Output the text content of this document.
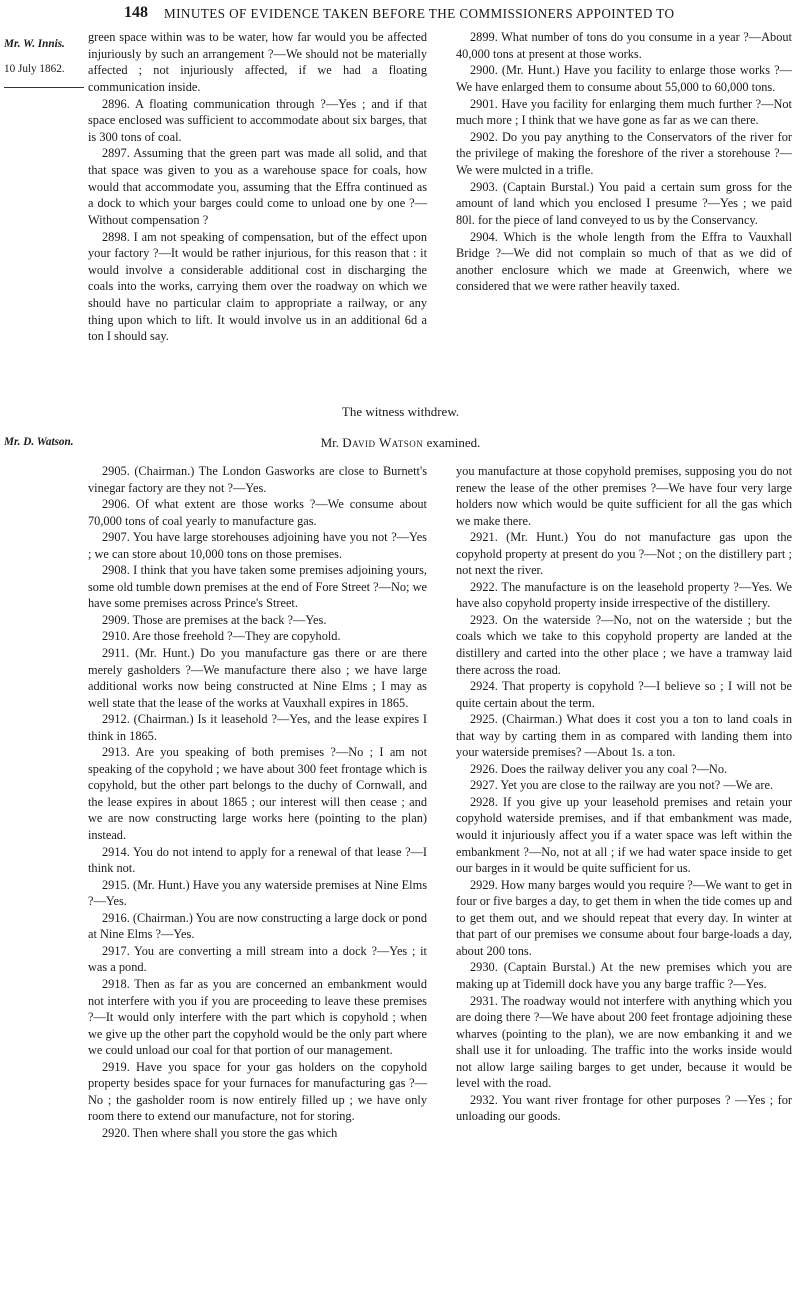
148 MINUTES OF EVIDENCE TAKEN BEFORE THE COMMISSIONERS APPOINTED TO
Mr. W. Innis.
10 July 1862.

green space within was to be water, how far would you be affected injuriously by such an arrangement ?—We should not be materially affected ; not injuriously affected, if we had a floating communication inside.

2896. A floating communication through ?—Yes ; and if that space enclosed was sufficient to accommodate about six barges, that is 300 tons of coal.

2897. Assuming that the green part was made all solid, and that that space was given to you as a warehouse space for coals, how would that accommodate you, assuming that the Effra continued as a dock to which your barges could come to unload one by one ?—Without compensation ?

2898. I am not speaking of compensation, but of the effect upon your factory ?—It would be rather injurious, for this reason that : it would involve a considerable additional cost in discharging the coals into the works, carrying them over the roadway on which we should have no particular claim to appropriate a railway, or any thing upon which to lift. It would involve us in an additional 6d a ton I should say.

2899. What number of tons do you consume in a year ?—About 40,000 tons at present at those works.

2900. (Mr. Hunt.) Have you facility to enlarge those works ?—We have enlarged them to consume about 55,000 to 60,000 tons.

2901. Have you facility for enlarging them much further ?—Not much more ; I think that we have gone as far as we can there.

2902. Do you pay anything to the Conservators of the river for the privilege of making the foreshore of the river a storehouse ?—We were mulcted in a trifle.

2903. (Captain Burstal.) You paid a certain sum gross for the amount of land which you enclosed I presume ?—Yes ; we paid 80l. for the piece of land conveyed to us by the Conservancy.

2904. Which is the whole length from the Effra to Vauxhall Bridge ?—We did not complain so much of that as we did of another enclosure which we made at Greenwich, where we considered that we were rather heavily taxed.

The witness withdrew.
Mr. D. Watson.	Mr. David Watson examined.

2905. (Chairman.) The London Gasworks are close to Burnett's vinegar factory are they not ?—Yes.

2906. Of what extent are those works ?—We consume about 70,000 tons of coal yearly to manufacture gas.

2907. You have large storehouses adjoining have you not ?—Yes ; we can store about 10,000 tons on those premises.

2908. I think that you have taken some premises adjoining yours, some old tumble down premises at the end of Fore Street ?—No; we have some premises across Prince's Street.

2909. Those are premises at the back ?—Yes.

2910. Are those freehold ?—They are copyhold.

2911. (Mr. Hunt.) Do you manufacture gas there or are there merely gasholders ?—We manufacture there also ; we have large additional works now being constructed at Nine Elms ; I may as well state that the lease of the works at Vauxhall expires in 1865.

2912. (Chairman.) Is it leasehold ?—Yes, and the lease expires I think in 1865.

2913. Are you speaking of both premises ?—No ; I am not speaking of the copyhold ; we have about 300 feet frontage which is copyhold, but the other part belongs to the duchy of Cornwall, and the lease expires in about 1865 ; our interest will then cease ; and we are now constructing large works here (pointing to the plan) instead.

2914. You do not intend to apply for a renewal of that lease ?—I think not.

2915. (Mr. Hunt.) Have you any waterside premises at Nine Elms ?—Yes.

2916. (Chairman.) You are now constructing a large dock or pond at Nine Elms ?—Yes.

2917. You are converting a mill stream into a dock ?—Yes ; it was a pond.

2918. Then as far as you are concerned an embankment would not interfere with you if you are proceeding to leave these premises ?—It would only interfere with the part which is copyhold ; when we give up the other part the copyhold would be the only part where we could unload our coal for that portion of our management.

2919. Have you space for your gas holders on the copyhold property besides space for your furnaces for manufacturing gas ?—No ; the gasholder room is now entirely filled up ; we have only room there to extend our manufacture, not for storing.

2920. Then where shall you store the gas which

you manufacture at those copyhold premises, supposing you do not renew the lease of the other premises ?—We have four very large holders now which would be quite sufficient for all the gas which we make there.

2921. (Mr. Hunt.) You do not manufacture gas upon the copyhold property at present do you ?—Not ; on the distillery part ; not next the river.

2922. The manufacture is on the leasehold property ?—Yes. We have also copyhold property inside irrespective of the distillery.

2923. On the waterside ?—No, not on the waterside ; but the coals which we take to this copyhold property are landed at the distillery and carted into the other place ; we have a tramway laid there across the road.

2924. That property is copyhold ?—I believe so ; I will not be quite certain about the term.

2925. (Chairman.) What does it cost you a ton to land coals in that way by carting them in as compared with landing them into your waterside premises? —About 1s. a ton.

2926. Does the railway deliver you any coal ?—No.

2927. Yet you are close to the railway are you not? —We are.

2928. If you give up your leasehold premises and retain your copyhold waterside premises, and if that embankment was made, would it injuriously affect you if a water space was left within the embankment ?—No, not at all ; if we had water space inside to get our barges in it would be quite sufficient for us.

2929. How many barges would you require ?—We want to get in four or five barges a day, to get them in when the tide comes up and to get them out, and we should repeat that every day. In winter at that part of our premises we consume about four barge-loads a day, about 200 tons.

2930. (Captain Burstal.) At the new premises which you are making up at Tidemill dock have you any barge traffic ?—Yes.

2931. The roadway would not interfere with anything which you are doing there ?—We have about 200 feet frontage adjoining these wharves (pointing to the plan), we are now embanking it and we shall use it for unloading. The traffic into the works inside would not allow large sailing barges to get under, because it would be level with the road.

2932. You want river frontage for other purposes ? —Yes ; for unloading our goods.
